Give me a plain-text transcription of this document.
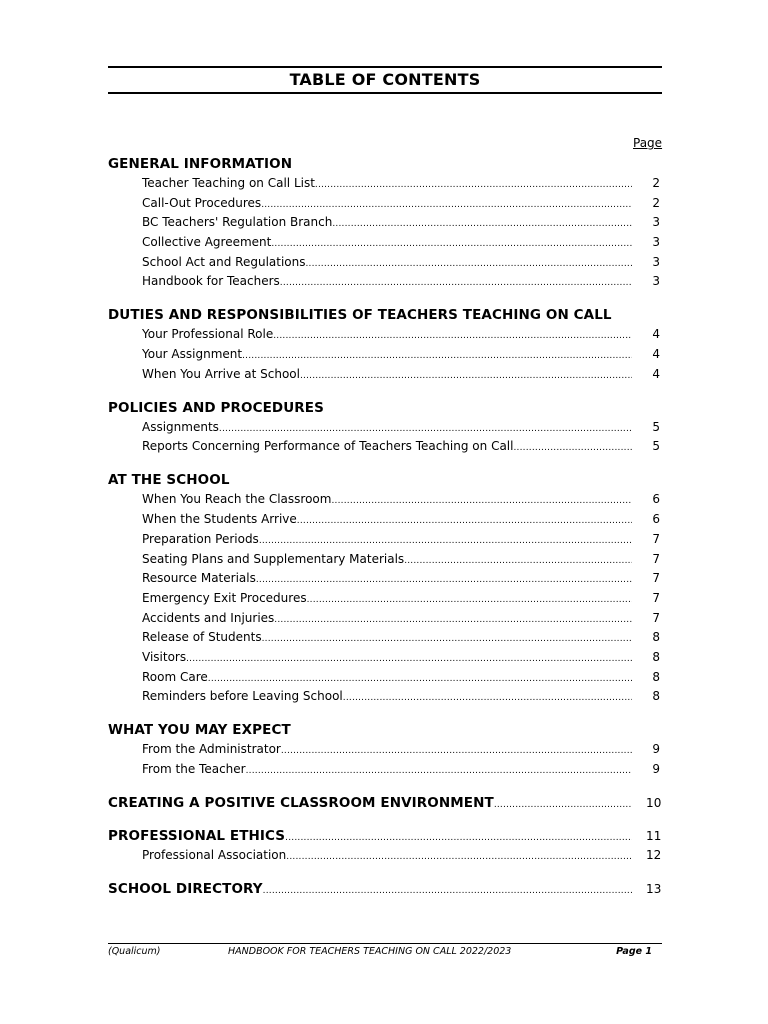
TABLE OF CONTENTS
Page
GENERAL INFORMATION
Teacher Teaching on Call List .....	2
Call-Out Procedures .....	2
BC Teachers' Regulation Branch .....	3
Collective Agreement .....	3
School Act and Regulations .....	3
Handbook for Teachers .....	3
DUTIES AND RESPONSIBILITIES OF TEACHERS TEACHING ON CALL
Your Professional Role .....	4
Your Assignment .....	4
When You Arrive at School .....	4
POLICIES AND PROCEDURES
Assignments .....	5
Reports Concerning Performance of Teachers Teaching on Call .....	5
AT THE SCHOOL
When You Reach the Classroom .....	6
When the Students Arrive .....	6
Preparation Periods .....	7
Seating Plans and Supplementary Materials .....	7
Resource Materials .....	7
Emergency Exit Procedures .....	7
Accidents and Injuries .....	7
Release of Students .....	8
Visitors .....	8
Room Care .....	8
Reminders before Leaving School .....	8
WHAT YOU MAY EXPECT
From the Administrator .....	9
From the Teacher .....	9
CREATING A POSITIVE CLASSROOM ENVIRONMENT .....	10
PROFESSIONAL ETHICS .....	11
Professional Association .....	12
SCHOOL DIRECTORY .....	13
(Qualicum)	HANDBOOK FOR TEACHERS TEACHING ON CALL 2022/2023	Page 1
